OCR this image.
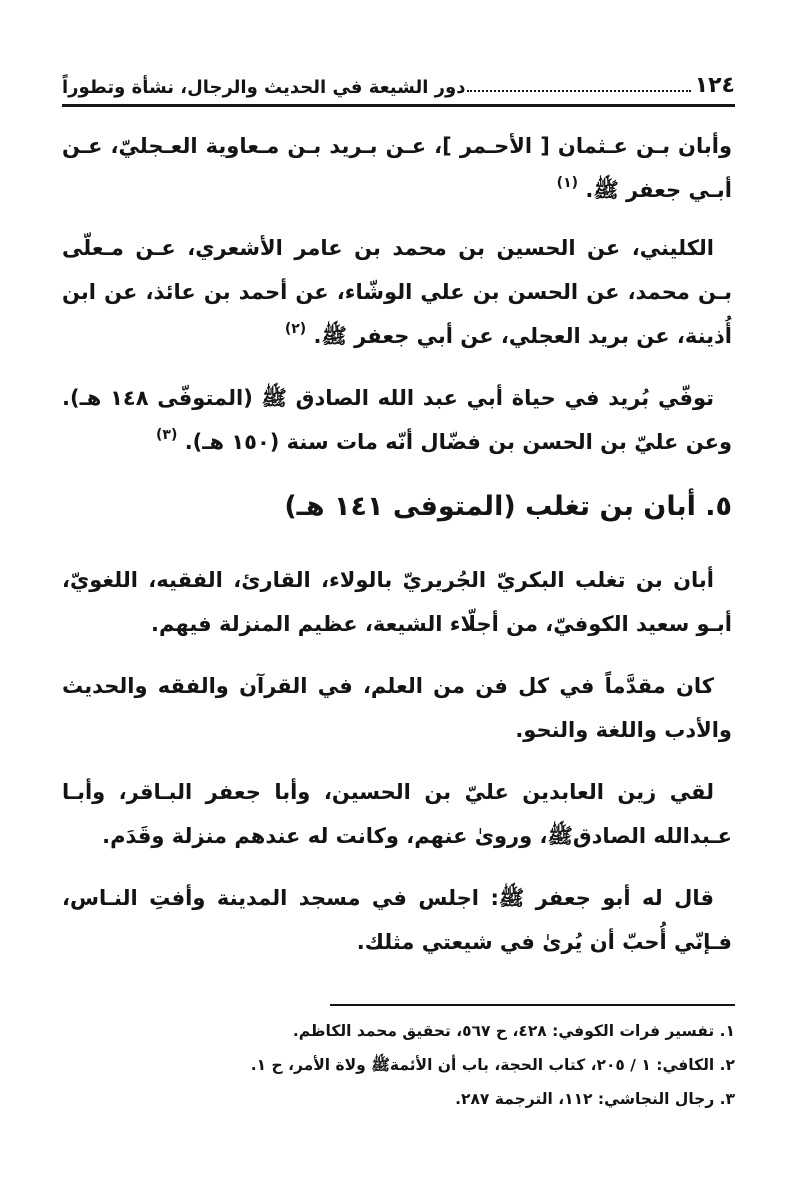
١٢٤
دور الشيعة في الحديث والرجال، نشأة وتطوراً

وأبان بـن عـثمان [ الأحـمر ]، عـن بـريد بـن مـعاوية العـجليّ، عـن أبـي جعفر ﷺ. $^{(١)}$

الكليني، عن الحسين بن محمد بن عامر الأشعري، عـن مـعلّى بـن محمد، عن الحسن بن علي الوشّاء، عن أحمد بن عائذ، عن ابن أُذينة، عن بريد العجلي، عن أبي جعفر ﷺ. $^{(٢)}$

توفّي بُريد في حياة أبي عبد الله الصادق ﷺ (المتوفّى ١٤٨ هـ). وعن عليّ بن الحسن بن فضّال أنّه مات سنة (١٥٠ هـ). $^{(٣)}$

٥. أبان بن تغلب (المتوفى ١٤١ هـ)

أبان بن تغلب البكريّ الجُريريّ بالولاء، القارئ، الفقيه، اللغويّ، أبـو سعيد الكوفيّ، من أجلّاء الشيعة، عظيم المنزلة فيهم.

كان مقدَّماً في كل فن من العلم، في القرآن والفقه والحديث والأدب واللغة والنحو.

لقي زين العابدين عليّ بن الحسين، وأبا جعفر البـاقر، وأبـا عـبدالله الصادقﷺ، وروىٰ عنهم، وكانت له عندهم منزلة وقَدَم.

قال له أبو جعفر ﷺ: اجلس في مسجد المدينة وأفتِ النـاس، فـإنّي أُحبّ أن يُرىٰ في شيعتي مثلك.

١. تفسير فرات الكوفي: ٤٢٨، ح ٥٦٧، تحقيق محمد الكاظم.
٢. الكافي: ١ / ٢٠٥، كتاب الحجة، باب أن الأئمةﷺ ولاة الأمر، ح ١.
٣. رجال النجاشي: ١١٢، الترجمة ٢٨٧.
